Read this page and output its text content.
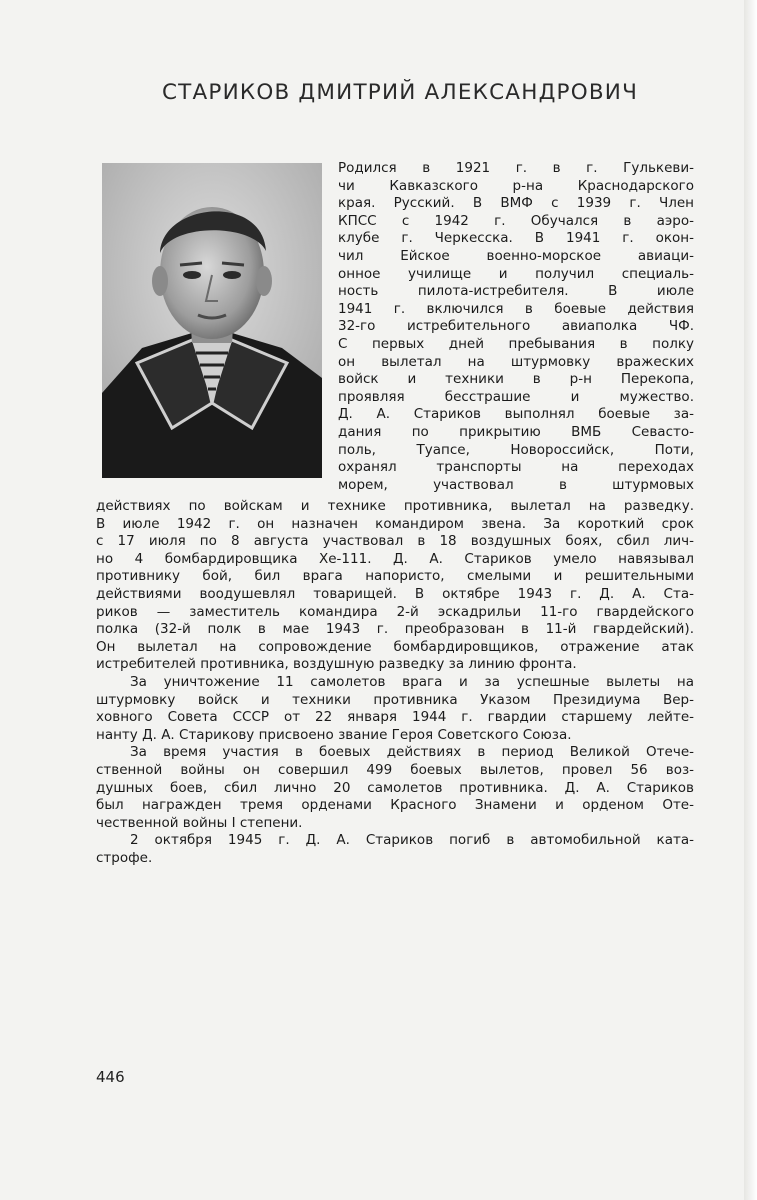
СТАРИКОВ ДМИТРИЙ АЛЕКСАНДРОВИЧ
Родился в 1921 г. в г. Гулькеви-
чи Кавказского р-на Краснодарского
края. Русский. В ВМФ с 1939 г. Член
КПСС с 1942 г. Обучался в аэро-
клубе г. Черкесска. В 1941 г. окон-
чил Ейское военно-морское авиаци-
онное училище и получил специаль-
ность пилота-истребителя. В июле
1941 г. включился в боевые действия
32-го истребительного авиаполка ЧФ.
С первых дней пребывания в полку
он вылетал на штурмовку вражеских
войск и техники в р-н Перекопа,
проявляя бесстрашие и мужество.
Д. А. Стариков выполнял боевые за-
дания по прикрытию ВМБ Севасто-
поль, Туапсе, Новороссийск, Поти,
охранял транспорты на переходах
морем, участвовал в штурмовых
действиях по войскам и технике противника, вылетал на разведку.
В июле 1942 г. он назначен командиром звена. За короткий срок
с 17 июля по 8 августа участвовал в 18 воздушных боях, сбил лич-
но 4 бомбардировщика Хе-111. Д. А. Стариков умело навязывал
противнику бой, бил врага напористо, смелыми и решительными
действиями воодушевлял товарищей. В октябре 1943 г. Д. А. Ста-
риков — заместитель командира 2-й эскадрильи 11-го гвардейского
полка (32-й полк в мае 1943 г. преобразован в 11-й гвардейский).
Он вылетал на сопровождение бомбардировщиков, отражение атак
истребителей противника, воздушную разведку за линию фронта.
За уничтожение 11 самолетов врага и за успешные вылеты на
штурмовку войск и техники противника Указом Президиума Вер-
ховного Совета СССР от 22 января 1944 г. гвардии старшему лейте-
нанту Д. А. Старикову присвоено звание Героя Советского Союза.
За время участия в боевых действиях в период Великой Отече-
ственной войны он совершил 499 боевых вылетов, провел 56 воз-
душных боев, сбил лично 20 самолетов противника. Д. А. Стариков
был награжден тремя орденами Красного Знамени и орденом Оте-
чественной войны I степени.
2 октября 1945 г. Д. А. Стариков погиб в автомобильной ката-
строфе.
446
